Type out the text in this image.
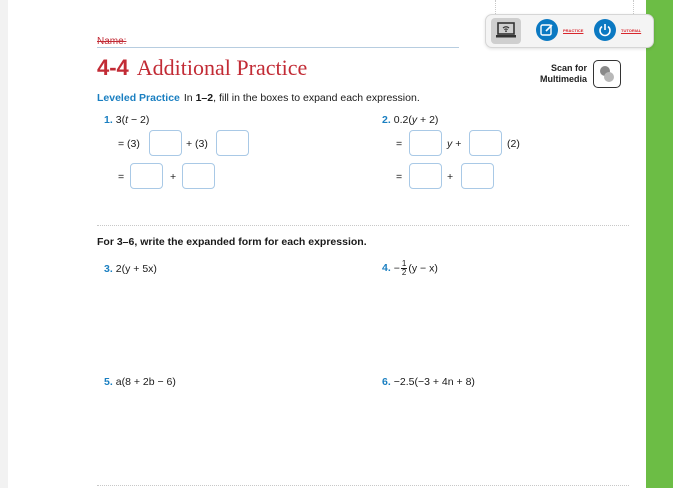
PRACTICE	TUTORIAL
Name:
4-4 Additional Practice	Scan for
Multimedia
Leveled Practice In 1–2, fill in the boxes to expand each expression.
1. 3(t − 2)
= (3)	+ (3)
=	+
2. 0.2(y + 2)
=	y +	(2)
=	+
For 3–6, write the expanded form for each expression.
3. 2(y + 5x)	4. − $\frac{1}{2} (y - x)$
5. a(8 + 2b − 6)	6. −2.5(−3 + 4n + 8)
